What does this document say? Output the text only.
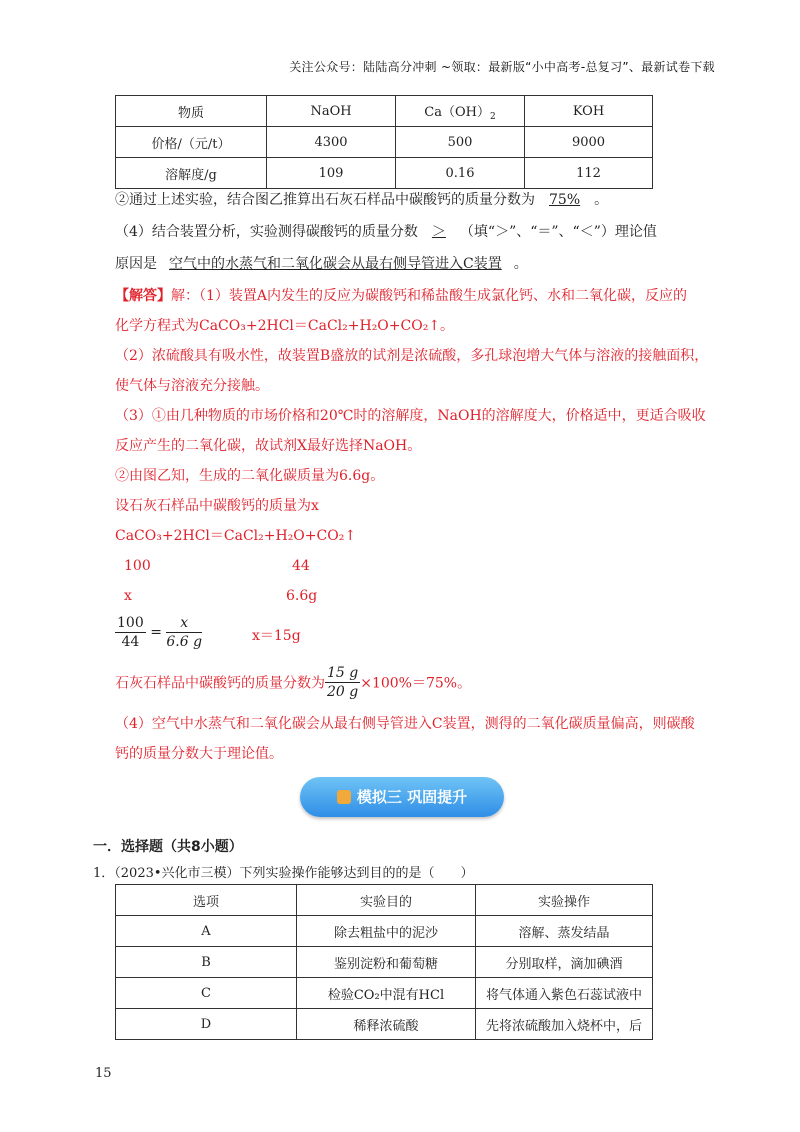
关注公众号：陆陆高分冲刺 ~领取：最新版“小中高考-总复习”、最新试卷下载
物质	NaOH	$Ca(OH)_2$	KOH
价格/（元/t）	4300	500	9000
溶解度/g	109	0.16	112
②通过上述实验，结合图乙推算出石灰石样品中碳酸钙的质量分数为 75% 。
（4）结合装置分析，实验测得碳酸钙的质量分数 ＞ （填“＞”、“＝”、“＜”）理论值
原因是 空气中的水蒸气和二氧化碳会从最右侧导管进入C装置 。
【解答】解：（1）装置A内发生的反应为碳酸钙和稀盐酸生成氯化钙、水和二氧化碳，反应的
化学方程式为CaCO₃+2HCl＝CaCl₂+H₂O+CO₂↑。
（2）浓硫酸具有吸水性，故装置B盛放的试剂是浓硫酸，多孔球泡增大气体与溶液的接触面积，
使气体与溶液充分接触。
（3）①由几种物质的市场价格和20℃时的溶解度，NaOH的溶解度大，价格适中，更适合吸收
反应产生的二氧化碳，故试剂X最好选择NaOH。
②由图乙知，生成的二氧化碳质量为6.6g。
设石灰石样品中碳酸钙的质量为x
CaCO₃+2HCl＝CaCl₂+H₂O+CO₂↑
100	44
x	6.6g
$\frac{100}{44} = \frac{x}{6.6 g}$	x＝15g
石灰石样品中碳酸钙的质量分数为 $\frac{15 g}{20 g} \times 100\%=75\%$。
（4）空气中水蒸气和二氧化碳会从最右侧导管进入C装置，测得的二氧化碳质量偏高，则碳酸
钙的质量分数大于理论值。
模拟三 巩固提升
一．选择题（共8小题）
1．（2023•兴化市三模）下列实验操作能够达到目的的是（　　）
选项	实验目的	实验操作
A	除去粗盐中的泥沙	溶解、蒸发结晶
B	鉴别淀粉和葡萄糖	分别取样，滴加碘酒
C	检验CO₂中混有HCl	将气体通入紫色石蕊试液中
D	稀释浓硫酸	先将浓硫酸加入烧杯中，后
15
